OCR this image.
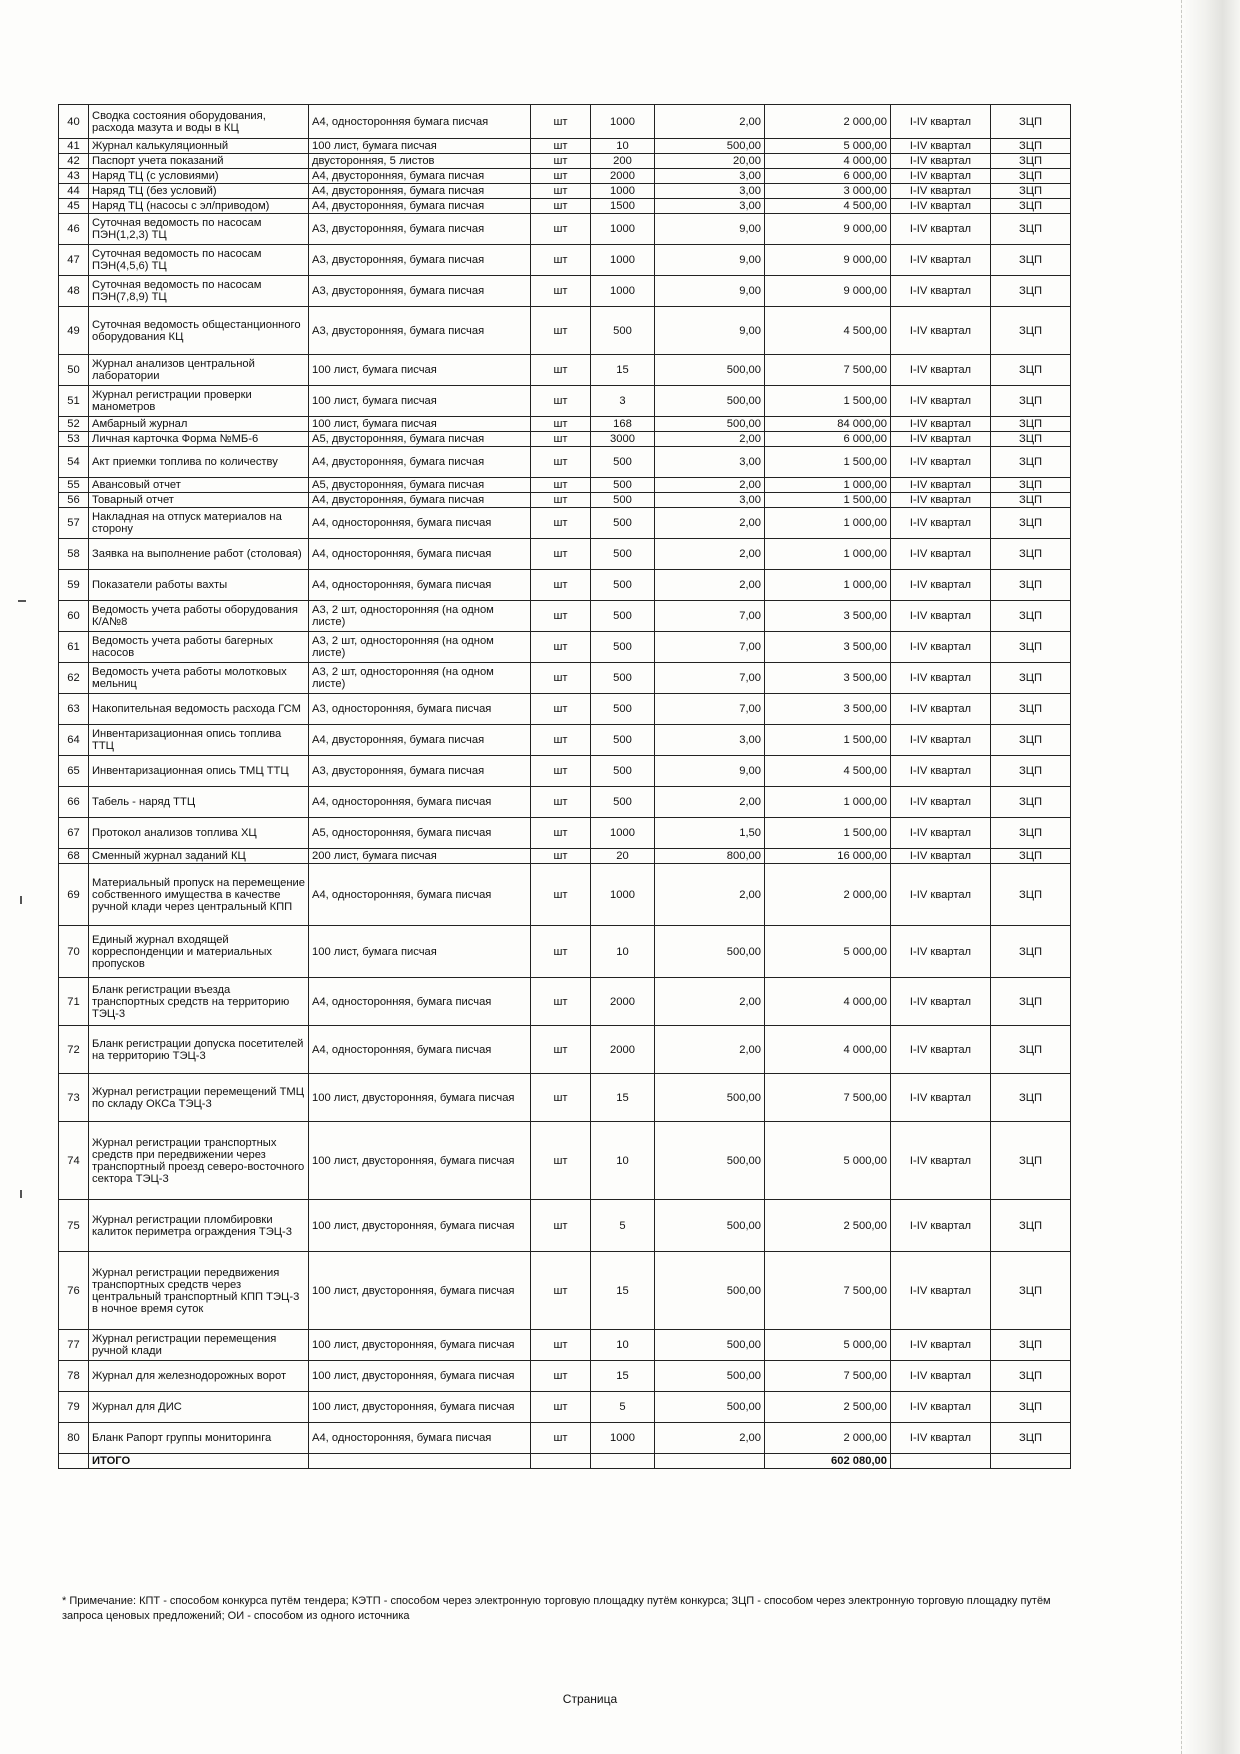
40	Сводка состояния оборудования, расхода мазута и воды в КЦ	А4, односторонняя бумага писчая	шт	1000	2,00	2 000,00	I-IV квартал	ЗЦП
41	Журнал калькуляционный	100 лист, бумага писчая	шт	10	500,00	5 000,00	I-IV квартал	ЗЦП
42	Паспорт учета показаний	двусторонняя, 5 листов	шт	200	20,00	4 000,00	I-IV квартал	ЗЦП
43	Наряд ТЦ (с условиями)	А4, двусторонняя, бумага писчая	шт	2000	3,00	6 000,00	I-IV квартал	ЗЦП
44	Наряд ТЦ (без условий)	А4, двусторонняя, бумага писчая	шт	1000	3,00	3 000,00	I-IV квартал	ЗЦП
45	Наряд ТЦ (насосы с эл/приводом)	А4, двусторонняя, бумага писчая	шт	1500	3,00	4 500,00	I-IV квартал	ЗЦП
46	Суточная ведомость по насосам ПЭН(1,2,3) ТЦ	А3, двусторонняя, бумага писчая	шт	1000	9,00	9 000,00	I-IV квартал	ЗЦП
47	Суточная ведомость по насосам ПЭН(4,5,6) ТЦ	А3, двусторонняя, бумага писчая	шт	1000	9,00	9 000,00	I-IV квартал	ЗЦП
48	Суточная ведомость по насосам ПЭН(7,8,9) ТЦ	А3, двусторонняя, бумага писчая	шт	1000	9,00	9 000,00	I-IV квартал	ЗЦП
49	Суточная ведомость общестанционного оборудования КЦ	А3, двусторонняя, бумага писчая	шт	500	9,00	4 500,00	I-IV квартал	ЗЦП
50	Журнал анализов центральной лаборатории	100 лист, бумага писчая	шт	15	500,00	7 500,00	I-IV квартал	ЗЦП
51	Журнал регистрации проверки манометров	100 лист, бумага писчая	шт	3	500,00	1 500,00	I-IV квартал	ЗЦП
52	Амбарный журнал	100 лист, бумага писчая	шт	168	500,00	84 000,00	I-IV квартал	ЗЦП
53	Личная карточка Форма №МБ-6	А5, двусторонняя, бумага писчая	шт	3000	2,00	6 000,00	I-IV квартал	ЗЦП
54	Акт приемки топлива по количеству	А4, двусторонняя, бумага писчая	шт	500	3,00	1 500,00	I-IV квартал	ЗЦП
55	Авансовый отчет	А5, двусторонняя, бумага писчая	шт	500	2,00	1 000,00	I-IV квартал	ЗЦП
56	Товарный отчет	А4, двусторонняя, бумага писчая	шт	500	3,00	1 500,00	I-IV квартал	ЗЦП
57	Накладная на отпуск материалов на сторону	А4, односторонняя, бумага писчая	шт	500	2,00	1 000,00	I-IV квартал	ЗЦП
58	Заявка на выполнение работ (столовая)	А4, односторонняя, бумага писчая	шт	500	2,00	1 000,00	I-IV квартал	ЗЦП
59	Показатели работы вахты	А4, односторонняя, бумага писчая	шт	500	2,00	1 000,00	I-IV квартал	ЗЦП
60	Ведомость учета работы оборудования К/А№8	А3, 2 шт, односторонняя (на одном листе)	шт	500	7,00	3 500,00	I-IV квартал	ЗЦП
61	Ведомость учета работы багерных насосов	А3, 2 шт, односторонняя (на одном листе)	шт	500	7,00	3 500,00	I-IV квартал	ЗЦП
62	Ведомость учета работы молотковых мельниц	А3, 2 шт, односторонняя (на одном листе)	шт	500	7,00	3 500,00	I-IV квартал	ЗЦП
63	Накопительная ведомость расхода ГСМ	А3, односторонняя, бумага писчая	шт	500	7,00	3 500,00	I-IV квартал	ЗЦП
64	Инвентаризационная опись топлива ТТЦ	А4, двусторонняя, бумага писчая	шт	500	3,00	1 500,00	I-IV квартал	ЗЦП
65	Инвентаризационная опись ТМЦ ТТЦ	А3, двусторонняя, бумага писчая	шт	500	9,00	4 500,00	I-IV квартал	ЗЦП
66	Табель - наряд ТТЦ	А4, односторонняя, бумага писчая	шт	500	2,00	1 000,00	I-IV квартал	ЗЦП
67	Протокол анализов топлива ХЦ	А5, односторонняя, бумага писчая	шт	1000	1,50	1 500,00	I-IV квартал	ЗЦП
68	Сменный журнал заданий КЦ	200 лист, бумага писчая	шт	20	800,00	16 000,00	I-IV квартал	ЗЦП
69	Материальный пропуск на перемещение собственного имущества в качестве ручной клади через центральный КПП	А4, односторонняя, бумага писчая	шт	1000	2,00	2 000,00	I-IV квартал	ЗЦП
70	Единый журнал входящей корреспонденции и материальных пропусков	100 лист, бумага писчая	шт	10	500,00	5 000,00	I-IV квартал	ЗЦП
71	Бланк регистрации въезда транспортных средств на территорию ТЭЦ-3	А4, односторонняя, бумага писчая	шт	2000	2,00	4 000,00	I-IV квартал	ЗЦП
72	Бланк регистрации допуска посетителей на территорию ТЭЦ-3	А4, односторонняя, бумага писчая	шт	2000	2,00	4 000,00	I-IV квартал	ЗЦП
73	Журнал регистрации перемещений ТМЦ по складу ОКСа ТЭЦ-3	100 лист, двусторонняя, бумага писчая	шт	15	500,00	7 500,00	I-IV квартал	ЗЦП
74	Журнал регистрации транспортных средств при передвижении через транспортный проезд северо-восточного сектора ТЭЦ-3	100 лист, двусторонняя, бумага писчая	шт	10	500,00	5 000,00	I-IV квартал	ЗЦП
75	Журнал регистрации пломбировки калиток периметра ограждения ТЭЦ-3	100 лист, двусторонняя, бумага писчая	шт	5	500,00	2 500,00	I-IV квартал	ЗЦП
76	Журнал регистрации передвижения транспортных средств через центральный транспортный КПП ТЭЦ-3 в ночное время суток	100 лист, двусторонняя, бумага писчая	шт	15	500,00	7 500,00	I-IV квартал	ЗЦП
77	Журнал регистрации перемещения ручной клади	100 лист, двусторонняя, бумага писчая	шт	10	500,00	5 000,00	I-IV квартал	ЗЦП
78	Журнал для железнодорожных ворот	100 лист, двусторонняя, бумага писчая	шт	15	500,00	7 500,00	I-IV квартал	ЗЦП
79	Журнал для ДИС	100 лист, двусторонняя, бумага писчая	шт	5	500,00	2 500,00	I-IV квартал	ЗЦП
80	Бланк Рапорт группы мониторинга	А4, односторонняя, бумага писчая	шт	1000	2,00	2 000,00	I-IV квартал	ЗЦП
	ИТОГО					602 080,00		
* Примечание: КПТ - способом конкурса путём тендера; КЭТП - способом через электронную торговую площадку путём конкурса; ЗЦП - способом через электронную торговую площадку путём запроса ценовых предложений; ОИ - способом из одного источника
Страница
